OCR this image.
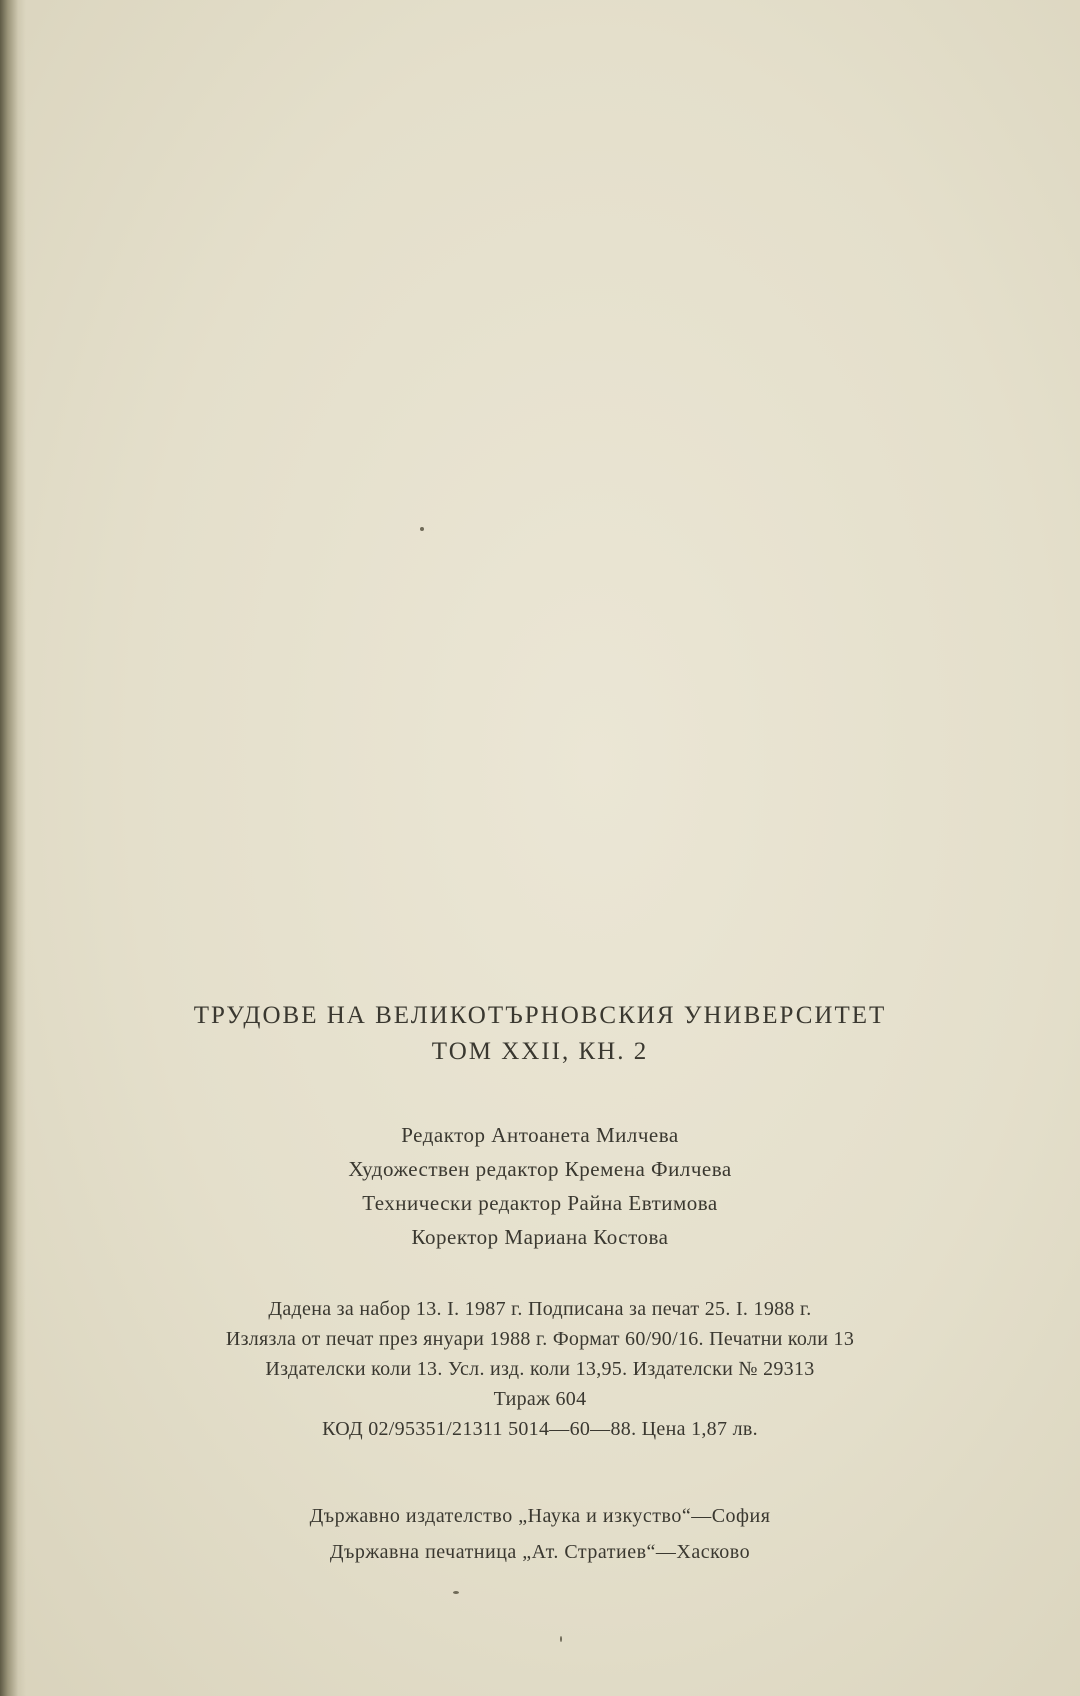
ТРУДОВЕ НА ВЕЛИКОТЪРНОВСКИЯ УНИВЕРСИТЕТ
ТОМ XXII, КН. 2
Редактор Антоанета Милчева
Художествен редактор Кремена Филчева
Технически редактор Райна Евтимова
Коректор Мариана Костова
Дадена за набор 13. I. 1987 г. Подписана за печат 25. I. 1988 г.
Излязла от печат през януари 1988 г. Формат 60/90/16. Печатни коли 13
Издателски коли 13. Усл. изд. коли 13,95. Издателски № 29313
Тираж 604
КОД 02/95351/21311 5014—60—88. Цена 1,87 лв.
Държавно издателство „Наука и изкуство“—София
Държавна печатница „Ат. Стратиев“—Хасково
